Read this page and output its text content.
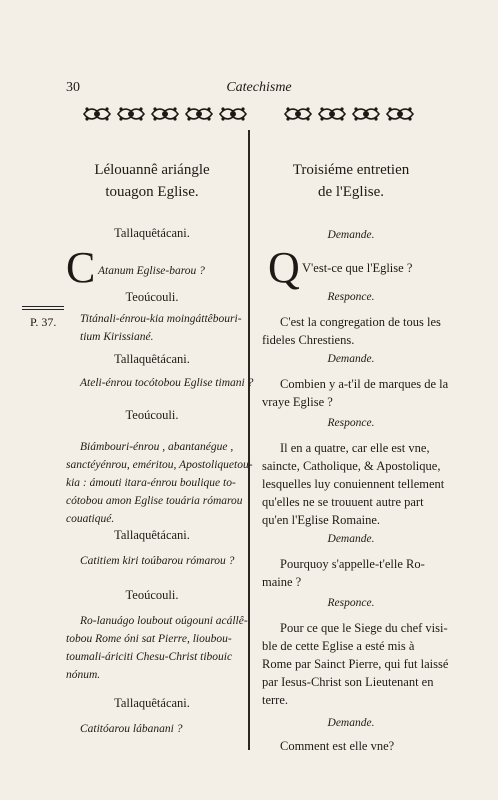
30	Catechisme
P. 37.
Lélouannê ariángle
touagon Eglise.
Tallaquêtácani.
C Atanum Eglise-barou ?
Teoúcouli.
Titánali-énrou-kia moingáttêbouri-
tium Kirissiané.
Tallaquêtácani.
Ateli-énrou tocótobou Eglise timani ?
Teoúcouli.
Biámbouri-énrou , abantanégue ,
sanctéyénrou, eméritou, Apostoliquetou-
kia : ámouti itara-énrou boulique to-
cótobou amon Eglise touária rómarou
couatiqué.
Tallaquêtácani.
Catitiem kiri toúbarou rómarou ?
Teoúcouli.
Ro-lanuágo loubout oúgouni acállê-
tobou Rome óni sat Pierre, lioubou-
toumali-áriciti Chesu-Christ tibouic
nónum.
Tallaquêtácani.
Catitóarou lábanani ?
Troisiéme entretien
de l'Eglise.
Demande.
Q V'est-ce que l'Eglise ?
Responce.
C'est la congregation de tous les
fideles Chrestiens.
Demande.
Combien y a-t'il de marques de la
vraye Eglise ?
Responce.
Il en a quatre, car elle est vne,
saincte, Catholique, & Apostolique,
lesquelles luy conuiennent tellement
qu'elles ne se trouuent autre part
qu'en l'Eglise Romaine.
Demande.
Pourquoy s'appelle-t'elle Ro-
maine ?
Responce.
Pour ce que le Siege du chef visi-
ble de cette Eglise a esté mis à
Rome par Sainct Pierre, qui fut laissé
par Iesus-Christ son Lieutenant en
terre.
Demande.
Comment est elle vne?
